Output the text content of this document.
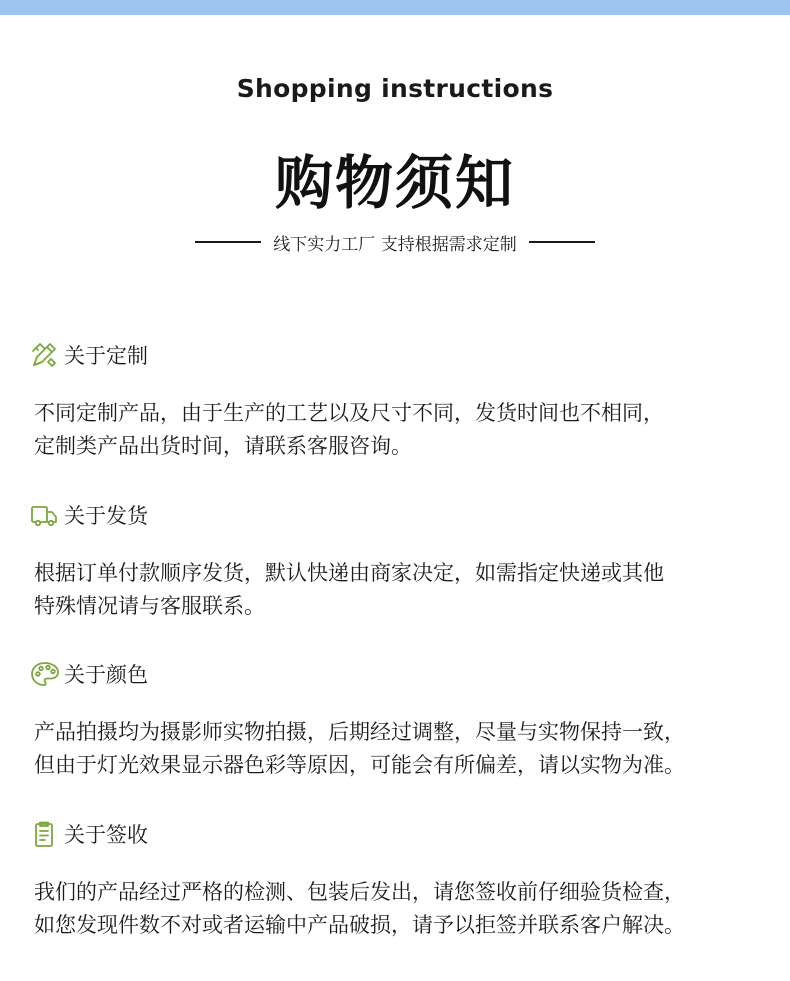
Shopping instructions
购物须知
线下实力工厂 支持根据需求定制
关于定制
不同定制产品，由于生产的工艺以及尺寸不同，发货时间也不相同，
定制类产品出货时间，请联系客服咨询。
关于发货
根据订单付款顺序发货，默认快递由商家决定，如需指定快递或其他
特殊情况请与客服联系。
关于颜色
产品拍摄均为摄影师实物拍摄，后期经过调整，尽量与实物保持一致，
但由于灯光效果显示器色彩等原因，可能会有所偏差，请以实物为准。
关于签收
我们的产品经过严格的检测、包装后发出，请您签收前仔细验货检查，
如您发现件数不对或者运输中产品破损，请予以拒签并联系客户解决。
